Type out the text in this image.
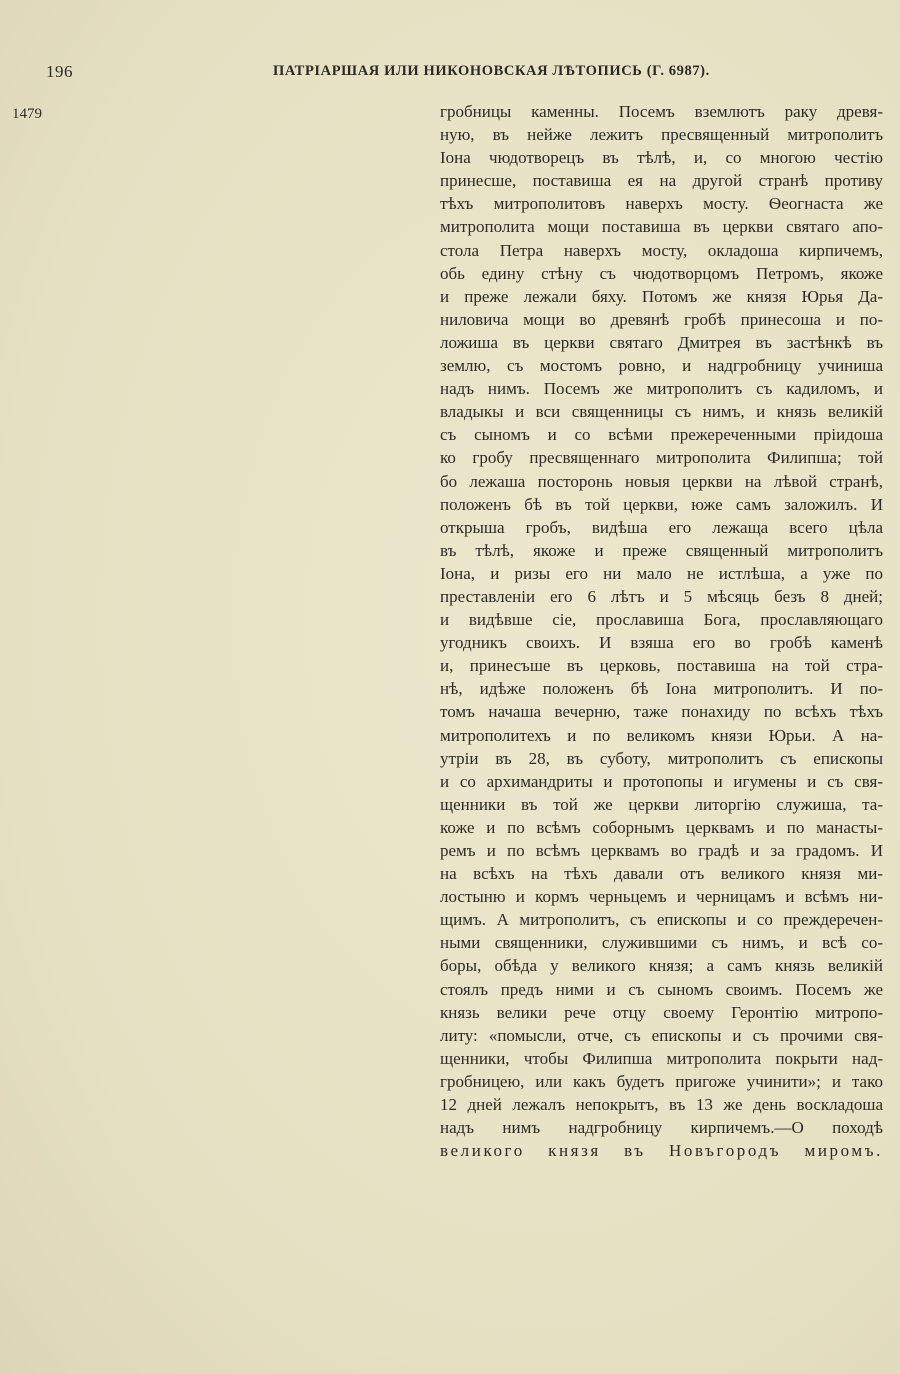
196	ПАТРІАРШАЯ ИЛИ НИКОНОВСКАЯ ЛѢТОПИСЬ (Г. 6987).
1479	гробницы каменны. Посемъ вземлютъ раку древя-
ную, въ нейже лежитъ пресвященный митрополитъ
Іона чюдотворецъ въ тѣлѣ, и, со многою честію
принесше, поставиша ея на другой странѣ противу
тѣхъ митрополитовъ наверхъ мосту. Ѳеогнаста же
митрополита мощи поставиша въ церкви святаго апо-
стола Петра наверхъ мосту, окладоша кирпичемъ,
обь едину стѣну съ чюдотворцомъ Петромъ, якоже
и преже лежали бяху. Потомъ же князя Юрья Да-
ниловича мощи во древянѣ гробѣ принесоша и по-
ложиша въ церкви святаго Дмитрея въ застѣнкѣ въ
землю, съ мостомъ ровно, и надгробницу учиниша
надъ нимъ. Посемъ же митрополитъ съ кадиломъ, и
владыкы и вси священницы съ нимъ, и князь великій
съ сыномъ и со всѣми прежереченными пріидоша
ко гробу пресвященнаго митрополита Филипша; той
бо лежаша посторонь новыя церкви на лѣвой странѣ,
положенъ бѣ въ той церкви, юже самъ заложилъ. И
открыша гробъ, видѣша его лежаща всего цѣла
въ тѣлѣ, якоже и преже священный митрополитъ
Іона, и ризы его ни мало не истлѣша, а уже по
преставленіи его 6 лѣтъ и 5 мѣсяць безъ 8 дней;
и видѣвше сіе, прославиша Бога, прославляющаго
угодникъ своихъ. И взяша его во гробѣ каменѣ
и, принесъше въ церковь, поставиша на той стра-
нѣ, идѣже положенъ бѣ Іона митрополитъ. И по-
томъ начаша вечерню, таже понахиду по всѣхъ тѣхъ
митрополитехъ и по великомъ князи Юрьи. А на-
утріи въ 28, въ суботу, митрополитъ съ епископы
и со архимандриты и протопопы и игумены и съ свя-
щенники въ той же церкви литоргію служиша, та-
коже и по всѣмъ соборнымъ церквамъ и по манасты-
ремъ и по всѣмъ церквамъ во градѣ и за градомъ. И
на всѣхъ на тѣхъ давали отъ великого князя ми-
лостыню и кормъ черньцемъ и черницамъ и всѣмъ ни-
щимъ. А митрополитъ, съ епископы и со преждеречен-
ными священники, служившими съ нимъ, и всѣ со-
боры, обѣда у великого князя; а самъ князь великій
стоялъ предъ ними и съ сыномъ своимъ. Посемъ же
князь велики рече отцу своему Геронтію митропо-
литу: «помысли, отче, съ епископы и съ прочими свя-
щенники, чтобы Филипша митрополита покрыти над-
гробницею, или какъ будетъ пригоже учинити»; и тако
12 дней лежалъ непокрытъ, въ 13 же день воскладоша
надъ нимъ надгробницу кирпичемъ.—О походѣ
великого князя въ Новъгородъ миромъ.
